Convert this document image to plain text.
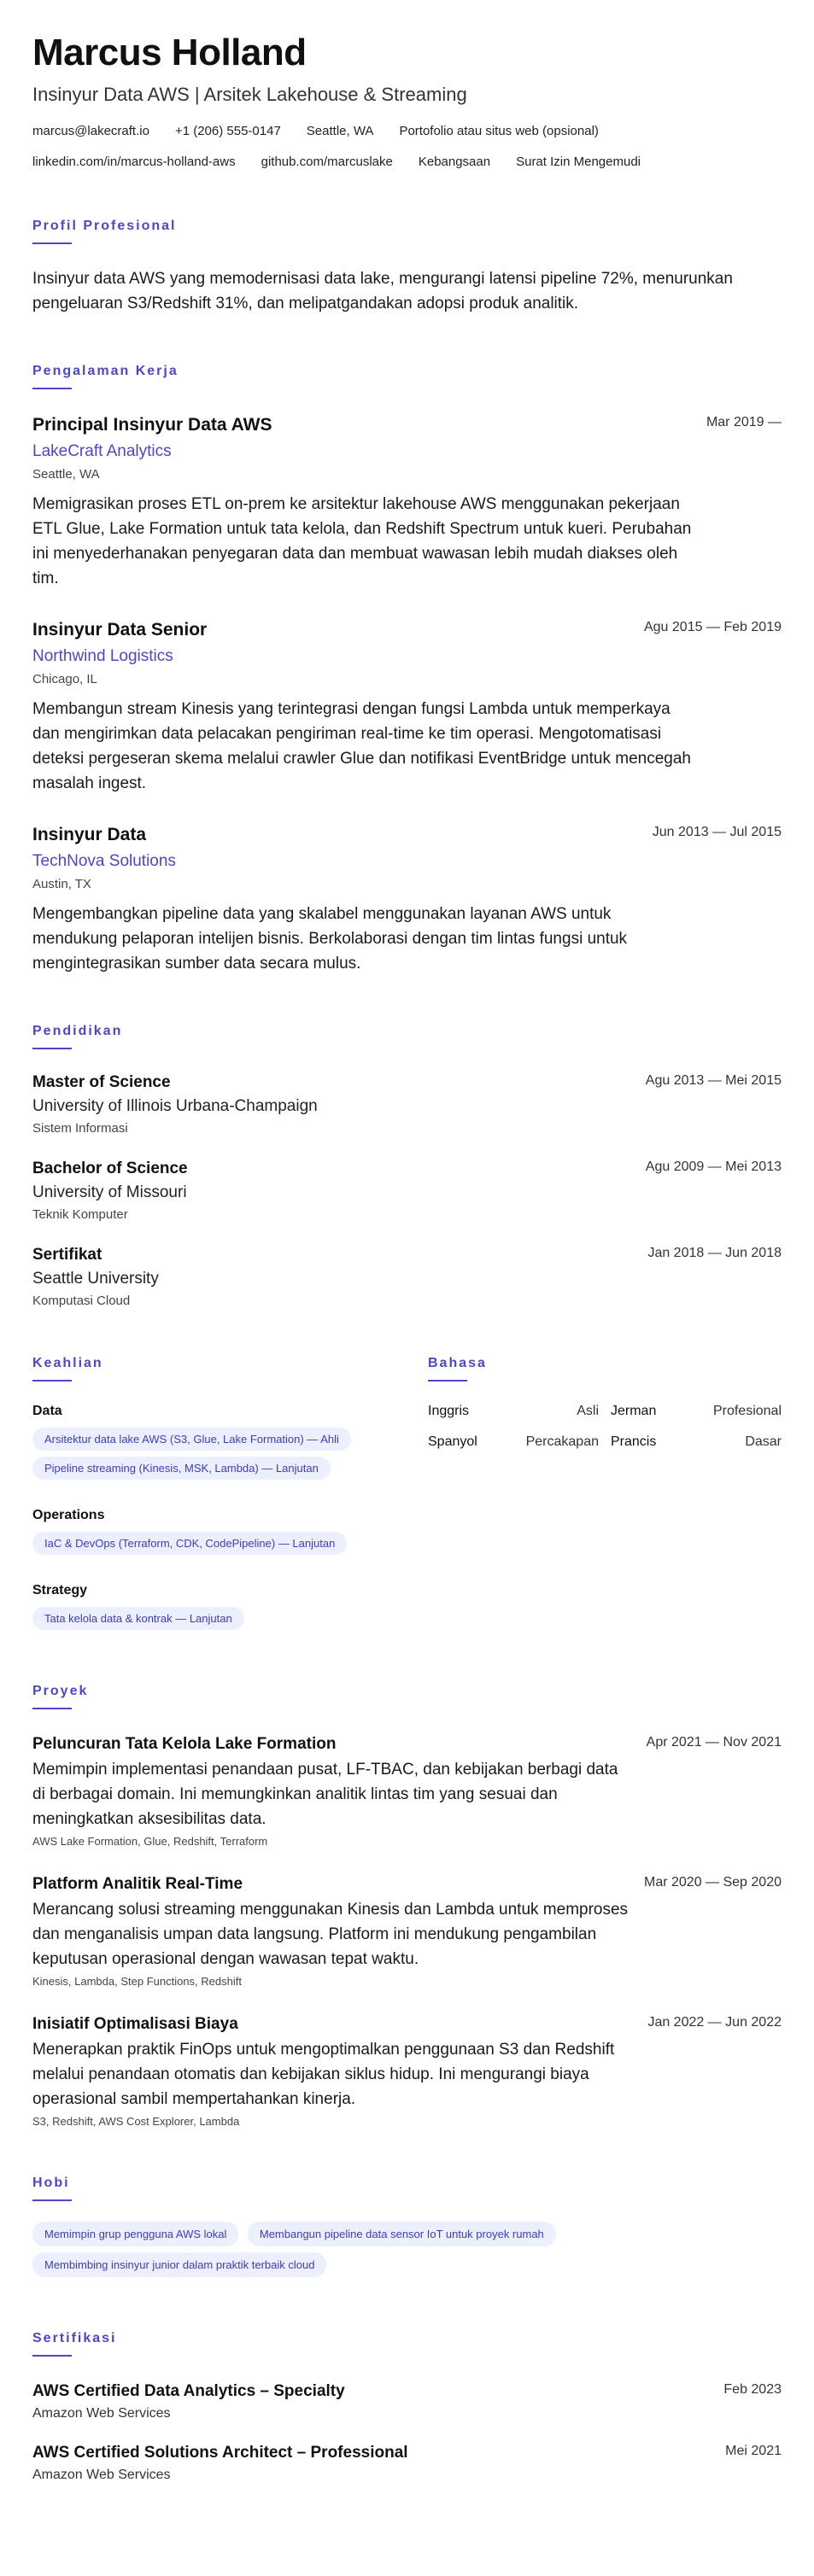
Marcus Holland
Insinyur Data AWS | Arsitek Lakehouse & Streaming
marcus@lakecraft.io +1 (206) 555-0147 Seattle, WA Portofolio atau situs web (opsional)
linkedin.com/in/marcus-holland-aws github.com/marcuslake Kebangsaan Surat Izin Mengemudi
Profil Profesional

Insinyur data AWS yang memodernisasi data lake, mengurangi latensi pipeline 72%, menurunkan pengeluaran S3/Redshift 31%, dan melipatgandakan adopsi produk analitik.

Pengalaman Kerja
Principal Insinyur Data AWS	Mar 2019 —
LakeCraft Analytics
Seattle, WA

Memigrasikan proses ETL on-prem ke arsitektur lakehouse AWS menggunakan pekerjaan ETL Glue, Lake Formation untuk tata kelola, dan Redshift Spectrum untuk kueri. Perubahan ini menyederhanakan penyegaran data dan membuat wawasan lebih mudah diakses oleh tim.

Insinyur Data Senior	Agu 2015 — Feb 2019
Northwind Logistics
Chicago, IL

Membangun stream Kinesis yang terintegrasi dengan fungsi Lambda untuk memperkaya dan mengirimkan data pelacakan pengiriman real-time ke tim operasi. Mengotomatisasi deteksi pergeseran skema melalui crawler Glue dan notifikasi EventBridge untuk mencegah masalah ingest.

Insinyur Data	Jun 2013 — Jul 2015
TechNova Solutions
Austin, TX

Mengembangkan pipeline data yang skalabel menggunakan layanan AWS untuk mendukung pelaporan intelijen bisnis. Berkolaborasi dengan tim lintas fungsi untuk mengintegrasikan sumber data secara mulus.

Pendidikan
Master of Science	Agu 2013 — Mei 2015
University of Illinois Urbana-Champaign
Sistem Informasi
Bachelor of Science	Agu 2009 — Mei 2013
University of Missouri
Teknik Komputer
Sertifikat	Jan 2018 — Jun 2018
Seattle University
Komputasi Cloud
Keahlian
Data
Arsitektur data lake AWS (S3, Glue, Lake Formation) — Ahli
Pipeline streaming (Kinesis, MSK, Lambda) — Lanjutan
Operations
IaC & DevOps (Terraform, CDK, CodePipeline) — Lanjutan
Strategy
Tata kelola data & kontrak — Lanjutan
Bahasa
Inggris	Asli Jerman	Profesional
Spanyol	Percakapan Prancis	Dasar
Proyek
Peluncuran Tata Kelola Lake Formation	Apr 2021 — Nov 2021

Memimpin implementasi penandaan pusat, LF-TBAC, dan kebijakan berbagi data di berbagai domain. Ini memungkinkan analitik lintas tim yang sesuai dan meningkatkan aksesibilitas data.

AWS Lake Formation, Glue, Redshift, Terraform
Platform Analitik Real-Time	Mar 2020 — Sep 2020

Merancang solusi streaming menggunakan Kinesis dan Lambda untuk memproses dan menganalisis umpan data langsung. Platform ini mendukung pengambilan keputusan operasional dengan wawasan tepat waktu.

Kinesis, Lambda, Step Functions, Redshift
Inisiatif Optimalisasi Biaya	Jan 2022 — Jun 2022

Menerapkan praktik FinOps untuk mengoptimalkan penggunaan S3 dan Redshift melalui penandaan otomatis dan kebijakan siklus hidup. Ini mengurangi biaya operasional sambil mempertahankan kinerja.

S3, Redshift, AWS Cost Explorer, Lambda
Hobi
Memimpin grup pengguna AWS lokal	Membangun pipeline data sensor IoT untuk proyek rumah Membimbing insinyur junior dalam praktik terbaik cloud
Sertifikasi
AWS Certified Data Analytics – Specialty	Feb 2023
Amazon Web Services
AWS Certified Solutions Architect – Professional	Mei 2021
Amazon Web Services
